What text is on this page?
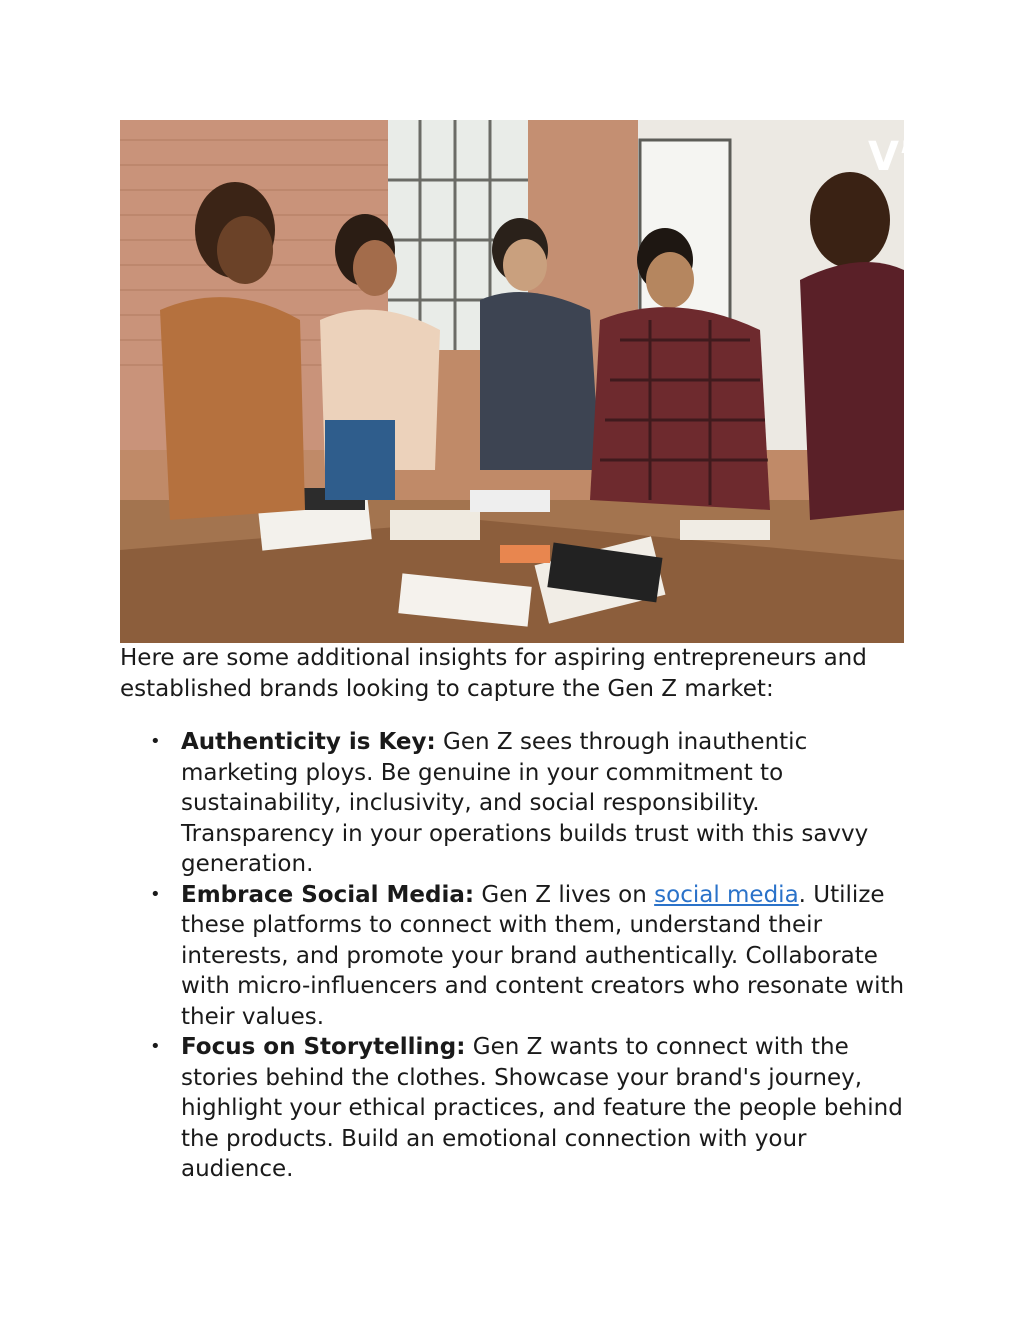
Vʼ

Here are some additional insights for aspiring entrepreneurs and established brands looking to capture the Gen Z market:

• Authenticity is Key: Gen Z sees through inauthentic marketing ploys. Be genuine in your commitment to sustainability, inclusivity, and social responsibility. Transparency in your operations builds trust with this savvy generation.
• Embrace Social Media: Gen Z lives on social media. Utilize these platforms to connect with them, understand their interests, and promote your brand authentically. Collaborate with micro-influencers and content creators who resonate with their values.
• Focus on Storytelling: Gen Z wants to connect with the stories behind the clothes. Showcase your brand's journey, highlight your ethical practices, and feature the people behind the products. Build an emotional connection with your audience.
